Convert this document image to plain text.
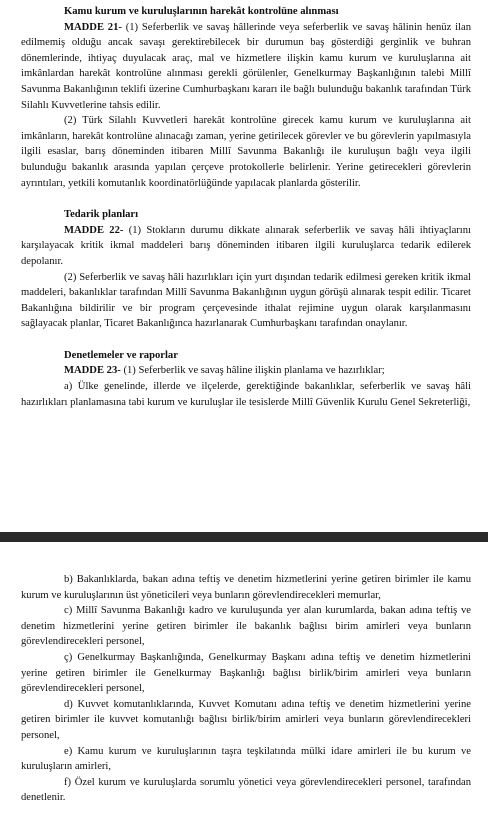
Kamu kurum ve kuruluşlarının harekât kontrolüne alınması

MADDE 21- (1) Seferberlik ve savaş hâllerinde veya seferberlik ve savaş hâlinin henüz ilan edilmemiş olduğu ancak savaşı gerektirebilecek bir durumun baş gösterdiği gerginlik ve buhran dönemlerinde, ihtiyaç duyulacak araç, mal ve hizmetlere ilişkin kamu kurum ve kuruluşlarına ait imkânlardan harekât kontrolüne alınması gerekli görülenler, Genelkurmay Başkanlığının talebi Millî Savunma Bakanlığının teklifi üzerine Cumhurbaşkanı kararı ile bağlı bulunduğu bakanlık tarafından Türk Silahlı Kuvvetlerine tahsis edilir.

(2) Türk Silahlı Kuvvetleri harekât kontrolüne girecek kamu kurum ve kuruluşlarına ait imkânların, harekât kontrolüne alınacağı zaman, yerine getirilecek görevler ve bu görevlerin yapılmasıyla ilgili esaslar, barış döneminden itibaren Millî Savunma Bakanlığı ile kuruluşun bağlı veya ilgili bulunduğu bakanlık arasında yapılan çerçeve protokollerle belirlenir. Yerine getirecekleri görevlerin ayrıntıları, yetkili komutanlık koordinatörlüğünde yapılacak planlarda gösterilir.

Tedarik planları

MADDE 22- (1) Stokların durumu dikkate alınarak seferberlik ve savaş hâli ihtiyaçlarını karşılayacak kritik ikmal maddeleri barış döneminden itibaren ilgili kuruluşlarca tedarik edilerek depolanır.

(2) Seferberlik ve savaş hâli hazırlıkları için yurt dışından tedarik edilmesi gereken kritik ikmal maddeleri, bakanlıklar tarafından Millî Savunma Bakanlığının uygun görüşü alınarak tespit edilir. Ticaret Bakanlığına bildirilir ve bir program çerçevesinde ithalat rejimine uygun olarak karşılanmasını sağlayacak planlar, Ticaret Bakanlığınca hazırlanarak Cumhurbaşkanı tarafından onaylanır.

Denetlemeler ve raporlar

MADDE 23- (1) Seferberlik ve savaş hâline ilişkin planlama ve hazırlıklar;

a) Ülke genelinde, illerde ve ilçelerde, gerektiğinde bakanlıklar, seferberlik ve savaş hâli hazırlıkları planlamasına tabi kurum ve kuruluşlar ile tesislerde Millî Güvenlik Kurulu Genel Sekreterliği,

b) Bakanlıklarda, bakan adına teftiş ve denetim hizmetlerini yerine getiren birimler ile kamu kurum ve kuruluşlarının üst yöneticileri veya bunların görevlendirecekleri memurlar,

c) Millî Savunma Bakanlığı kadro ve kuruluşunda yer alan kurumlarda, bakan adına teftiş ve denetim hizmetlerini yerine getiren birimler ile bakanlık bağlısı birim amirleri veya bunların görevlendirecekleri personel,

ç) Genelkurmay Başkanlığında, Genelkurmay Başkanı adına teftiş ve denetim hizmetlerini yerine getiren birimler ile Genelkurmay Başkanlığı bağlısı birlik/birim amirleri veya bunların görevlendirecekleri personel,

d) Kuvvet komutanlıklarında, Kuvvet Komutanı adına teftiş ve denetim hizmetlerini yerine getiren birimler ile kuvvet komutanlığı bağlısı birlik/birim amirleri veya bunların görevlendirecekleri personel,

e) Kamu kurum ve kuruluşlarının taşra teşkilatında mülki idare amirleri ile bu kurum ve kuruluşların amirleri,

f) Özel kurum ve kuruluşlarda sorumlu yönetici veya görevlendirecekleri personel, tarafından denetlenir.
